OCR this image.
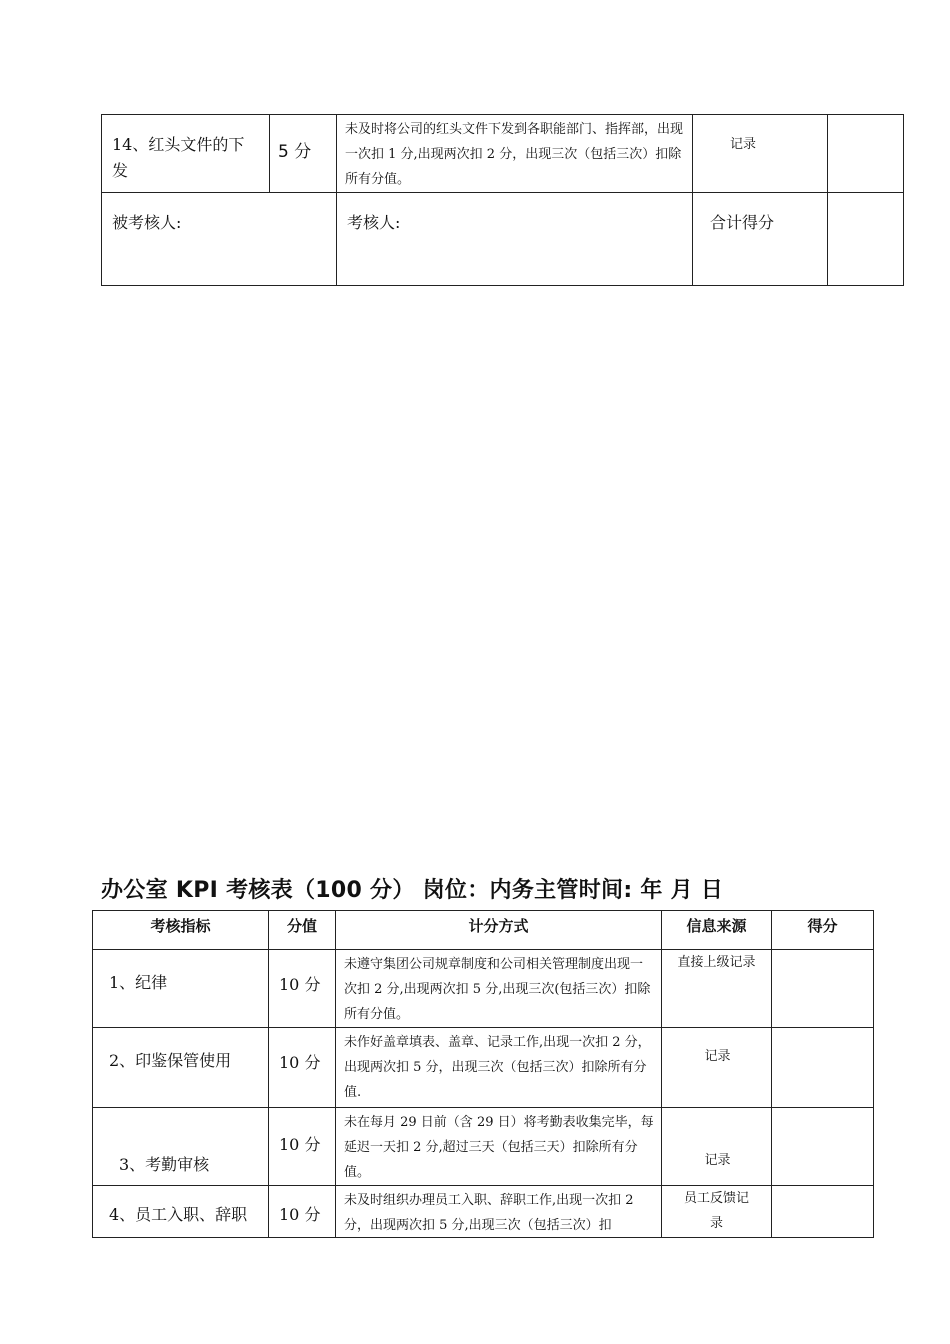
14、红头文件的下发	5 分	未及时将公司的红头文件下发到各职能部门、指挥部，出现一次扣 1 分,出现两次扣 2 分，出现三次（包括三次）扣除所有分值。	记录	

被考核人:		考核人:	合计得分	

办公室 KPI 考核表（100 分） 岗位：内务主管时间: 年 月 日
考核指标	分值	计分方式	信息来源	得分

1、纪律	10 分	未遵守集团公司规章制度和公司相关管理制度出现一次扣 2 分,出现两次扣 5 分,出现三次(包括三次）扣除所有分值。	直接上级记录	

2、印鉴保管使用	10 分	未作好盖章填表、盖章、记录工作,出现一次扣 2 分，出现两次扣 5 分，出现三次（包括三次）扣除所有分值.	记录	

3、考勤审核	10 分	未在每月 29 日前（含 29 日）将考勤表收集完毕，每延迟一天扣 2 分,超过三天（包括三天）扣除所有分值。	记录	

4、员工入职、辞职	10 分	未及时组织办理员工入职、辞职工作,出现一次扣 2 分，出现两次扣 5 分,出现三次（包括三次）扣	员工反馈记录	
